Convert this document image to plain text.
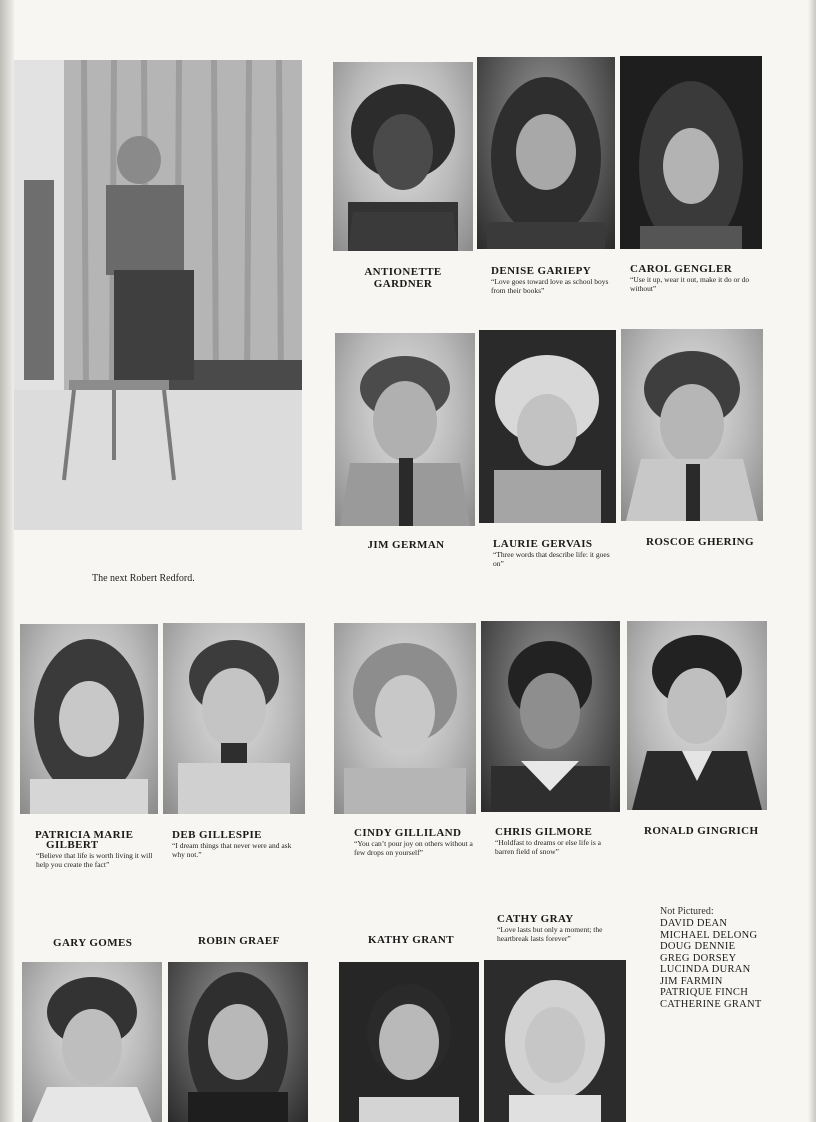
The next Robert Redford.
ANTIONETTE GARDNER
DENISE GARIEPY
“Love goes toward love as school boys from their books”
CAROL GENGLER
“Use it up, wear it out, make it do or do without”
JIM GERMAN	LAURIE GERVAIS
“Three words that describe life: it goes on”
ROSCOE GHERING
PATRICIA MARIE
GILBERT
“Believe that life is worth living it will help you create the fact”
DEB GILLESPIE
“I dream things that never were and ask why not.”
CINDY GILLILAND
“You can’t pour joy on others without a few drops on yourself”
CHRIS GILMORE
“Holdfast to dreams or else life is a barren field of snow”
RONALD GINGRICH
GARY GOMES	ROBIN GRAEF	KATHY GRANT
CATHY GRAY
“Love lasts but only a moment; the heartbreak lasts forever”
Not Pictured:
DAVID DEAN
MICHAEL DELONG
DOUG DENNIE
GREG DORSEY
LUCINDA DURAN
JIM FARMIN
PATRIQUE FINCH
CATHERINE GRANT
